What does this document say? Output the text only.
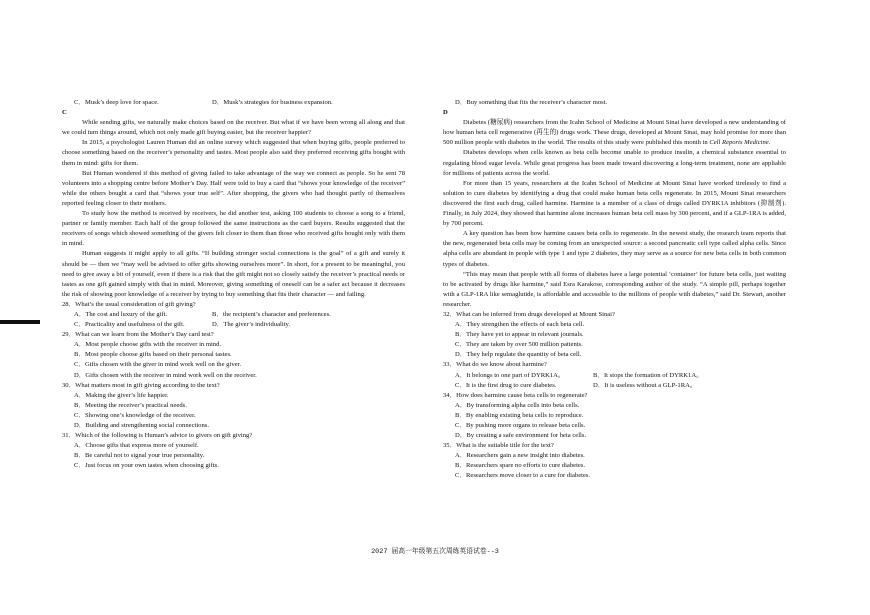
C．Musk’s deep love for space.	D．Musk’s strategies for business expansion.

C

While sending gifts, we naturally make choices based on the receiver. But what if we have been wrong all along and that we could turn things around, which not only made gift buying easier, but the receiver happier?

In 2015, a psychologist Lauren Human did an online survey which suggested that when buying gifts, people preferred to choose something based on the receiver’s personality and tastes. Most people also said they preferred receiving gifts bought with them in mind: gifts for them.

But Human wondered if this method of giving failed to take advantage of the way we connect as people. So he sent 78 volunteers into a shopping centre before Mother’s Day. Half were told to buy a card that “shows your knowledge of the receiver” while the others bought a card that “shows your true self”. After shopping, the givers who had thought partly of themselves reported feeling closer to their mothers.

To study how the method is received by receivers, he did another test, asking 100 students to choose a song to a friend, partner or family member. Each half of the group followed the same instructions as the card buyers. Results suggested that the receivers of songs which showed something of the givers felt closer to them than those who received gifts bought only with them in mind.

Human suggests it might apply to all gifts. “If building stronger social connections is the goal” of a gift and surely it should be — then we “may well be advised to offer gifts showing ourselves more”. In short, for a present to be meaningful, you need to give away a bit of yourself, even if there is a risk that the gift might not so closely satisfy the receiver’s practical needs or tastes as one gift gained simply with that in mind. Moreover, giving something of oneself can be a safer act because it decreases the risk of showing poor knowledge of a receiver by trying to buy something that fits their character — and failing.

28．What’s the usual consideration of gift giving?

A．The cost and luxury of the gift.	B．the recipient’s character and preferences.

C．Practicality and usefulness of the gift.	D．The giver’s individuality.

29．What can we learn from the Mother’s Day card test?

A．Most people choose gifts with the receiver in mind.

B．Most people choose gifts based on their personal tastes.

C．Gifts chosen with the giver in mind work well on the giver.

D．Gifts chosen with the receiver in mind work well on the receiver.

30．What matters most in gift giving according to the text?

A．Making the giver’s life happier.

B．Meeting the receiver’s practical needs.

C．Showing one’s knowledge of the receiver.

D．Building and strengthening social connections.

31．Which of the following is Human’s advice to givers on gift giving?

A．Choose gifts that express more of yourself.

B．Be careful not to signal your true personality.

C．Just focus on your own tastes when choosing gifts.

D．Buy something that fits the receiver’s character most.

D

Diabetes (糖尿病) researchers from the Icahn School of Medicine at Mount Sinai have developed a new understanding of how human beta cell regenerative (再生的) drugs work. These drugs, developed at Mount Sinai, may hold promise for more than 500 million people with diabetes in the world. The results of this study were published this month in Cell Reports Medicine.

Diabetes develops when cells known as beta cells become unable to produce insulin, a chemical substance essential to regulating blood sugar levels. While great progress has been made toward discovering a long-term treatment, none are appliable for millions of patients across the world.

For more than 15 years, researchers at the Icahn School of Medicine at Mount Sinai have worked tirelessly to find a solution to cure diabetes by identifying a drug that could make human beta cells regenerate. In 2015, Mount Sinai researchers discovered the first such drug, called harmine. Harmine is a member of a class of drugs called DYRK1A inhibitors (抑制剂). Finally, in July 2024, they showed that harmine alone increases human beta cell mass by 300 percent, and if a GLP-1RA is added, by 700 percent.

A key question has been how harmine causes beta cells to regenerate. In the newest study, the research team reports that the new, regenerated beta cells may be coming from an unexpected source: a second pancreatic cell type called alpha cells. Since alpha cells are abundant in people with type 1 and type 2 diabetes, they may serve as a source for new beta cells in both common types of diabetes.

“This may mean that people with all forms of diabetes have a large potential ‘container’ for future beta cells, just waiting to be activated by drugs like harmine,” said Esra Karakose, corresponding author of the study. “A simple pill, perhaps together with a GLP-1RA like semaglutide, is affordable and accessible to the millions of people with diabetes,” said Dr. Stewart, another researcher.

32．What can be inferred from drugs developed at Mount Sinai?

A．They strengthen the effects of each beta cell.

B．They have yet to appear in relevant journals.

C．They are taken by over 500 million patients.

D．They help regulate the quantity of beta cell.

33．What do we know about harmine?

A．It belongs to one part of DYRK1A。	B．It stops the formation of DYRK1A。

C．It is the first drug to cure diabetes.	D．It is useless without a GLP-1RA。

34．How does harmine cause beta cells to regenerate?

A．By transforming alpha cells into beta cells.

B．By enabling existing beta cells to reproduce.

C．By pushing more organs to release beta cells.

D．By creating a safe environment for beta cells.

35．What is the suitable title for the text?

A．Researchers gain a new insight into diabetes.

B．Researchers spare no efforts to cure diabetes.

C．Researchers move closer to a cure for diabetes.

2027 届高一年级第五次周练英语试卷--3
